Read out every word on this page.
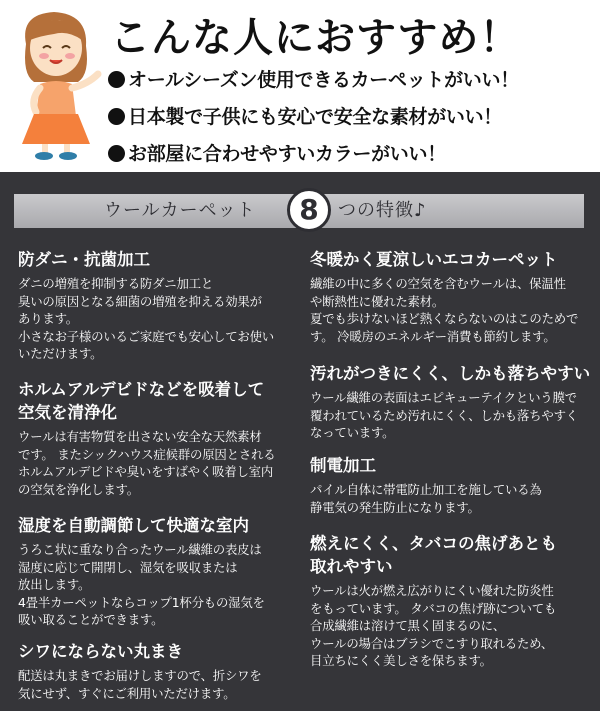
こんな人におすすめ！
オールシーズン使用できるカーペットがいい！
日本製で子供にも安心で安全な素材がいい！
お部屋に合わせやすいカラーがいい！
ウールカーペット	8	つの特徴♪
防ダニ・抗菌加工
ダニの増殖を抑制する防ダニ加工と
臭いの原因となる細菌の増殖を抑える効果が
あります。
小さなお子様のいるご家庭でも安心してお使い
いただけます。
ホルムアルデビドなどを吸着して
空気を清浄化
ウールは有害物質を出さない安全な天然素材
です。 またシックハウス症候群の原因とされる
ホルムアルデビドや臭いをすばやく吸着し室内
の空気を浄化します。
湿度を自動調節して快適な室内
うろこ状に重なり合ったウール繊維の表皮は
湿度に応じて開閉し、湿気を吸収または
放出します。
4畳半カーペットならコップ1杯分もの湿気を
吸い取ることができます。
シワにならない丸まき
配送は丸まきでお届けしますので、折シワを
気にせず、すぐにご利用いただけます。
冬暖かく夏涼しいエコカーペット
繊維の中に多くの空気を含むウールは、保温性
や断熱性に優れた素材。
夏でも歩けないほど熱くならないのはこのためで
す。 冷暖房のエネルギー消費も節約します。
汚れがつきにくく、しかも落ちやすい
ウール繊維の表面はエピキューテイクという膜で
覆われているため汚れにくく、しかも落ちやすく
なっています。
制電加工
パイル自体に帯電防止加工を施している為
静電気の発生防止になります。
燃えにくく、タバコの焦げあとも
取れやすい
ウールは火が燃え広がりにくい優れた防炎性
をもっています。 タバコの焦げ跡についても
合成繊維は溶けて黒く固まるのに、
ウールの場合はブラシでこすり取れるため、
目立ちにくく美しさを保ちます。
